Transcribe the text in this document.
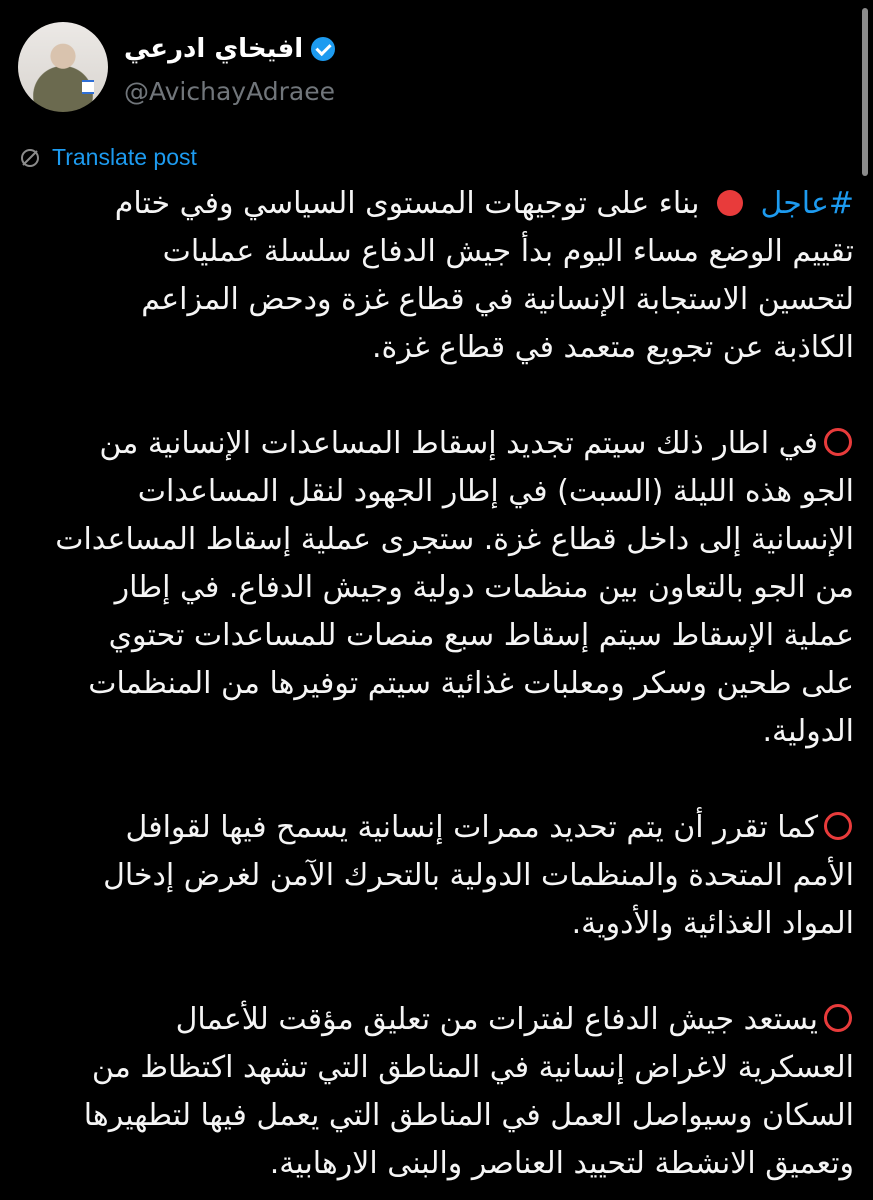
افيخاي ادرعي
@AvichayAdraee
Translate post
#عاجل  بناء على توجيهات المستوى السياسي وفي ختام
تقييم الوضع مساء اليوم بدأ جيش الدفاع سلسلة عمليات
لتحسين الاستجابة الإنسانية في قطاع غزة ودحض المزاعم
الكاذبة عن تجويع متعمد في قطاع غزة.
في اطار ذلك سيتم تجديد إسقاط المساعدات الإنسانية من
الجو هذه الليلة (السبت) في إطار الجهود لنقل المساعدات
الإنسانية إلى داخل قطاع غزة. ستجرى عملية إسقاط المساعدات
من الجو بالتعاون بين منظمات دولية وجيش الدفاع. في إطار
عملية الإسقاط سيتم إسقاط سبع منصات للمساعدات تحتوي
على طحين وسكر ومعلبات غذائية سيتم توفيرها من المنظمات
الدولية.
كما تقرر أن يتم تحديد ممرات إنسانية يسمح فيها لقوافل
الأمم المتحدة والمنظمات الدولية بالتحرك الآمن لغرض إدخال
المواد الغذائية والأدوية.
يستعد جيش الدفاع لفترات من تعليق مؤقت للأعمال
العسكرية لاغراض إنسانية في المناطق التي تشهد اكتظاظ من
السكان وسيواصل العمل في المناطق التي يعمل فيها لتطهيرها
وتعميق الانشطة لتحييد العناصر والبنى الارهابية.
